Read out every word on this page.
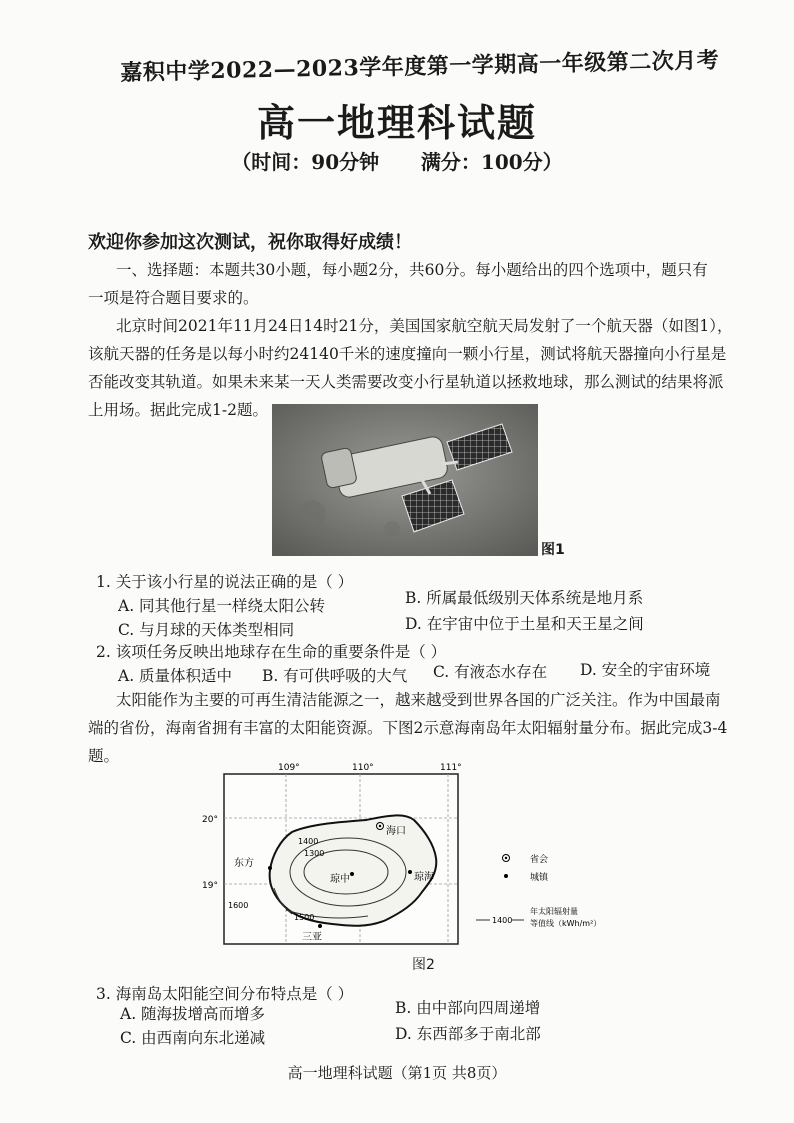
嘉积中学2022—2023学年度第一学期高一年级第二次月考
高一地理科试题
（时间：90分钟      满分：100分）
欢迎你参加这次测试，祝你取得好成绩！
一、选择题：本题共30小题，每小题2分，共60分。每小题给出的四个选项中，题只有
一项是符合题目要求的。
北京时间2021年11月24日14时21分，美国国家航空航天局发射了一个航天器（如图1），
该航天器的任务是以每小时约24140千米的速度撞向一颗小行星，测试将航天器撞向小行星是
否能改变其轨道。如果未来某一天人类需要改变小行星轨道以拯救地球，那么测试的结果将派
上用场。据此完成1-2题。
图1
1. 关于该小行星的说法正确的是（ ）
A. 同其他行星一样绕太阳公转	B. 所属最低级别天体系统是地月系
C. 与月球的天体类型相同	D. 在宇宙中位于土星和天王星之间
2. 该项任务反映出地球存在生命的重要条件是（ ）
A. 质量体积适中 B. 有可供呼吸的大气 C. 有液态水存在 D. 安全的宇宙环境
太阳能作为主要的可再生清洁能源之一，越来越受到世界各国的广泛关注。作为中国最南
端的省份，海南省拥有丰富的太阳能资源。下图2示意海南岛年太阳辐射量分布。据此完成3-4
题。
109°	110°	111°
20°
19°
1400
1300
1500
1600
海口
琼中	琼海
东方
三亚
省会
城镇
1400
年太阳辐射量
等值线（kWh/m²）
图2
3. 海南岛太阳能空间分布特点是（ ）
A. 随海拔增高而增多	B. 由中部向四周递增
C. 由西南向东北递减	D. 东西部多于南北部
高一地理科试题（第1页 共8页）
